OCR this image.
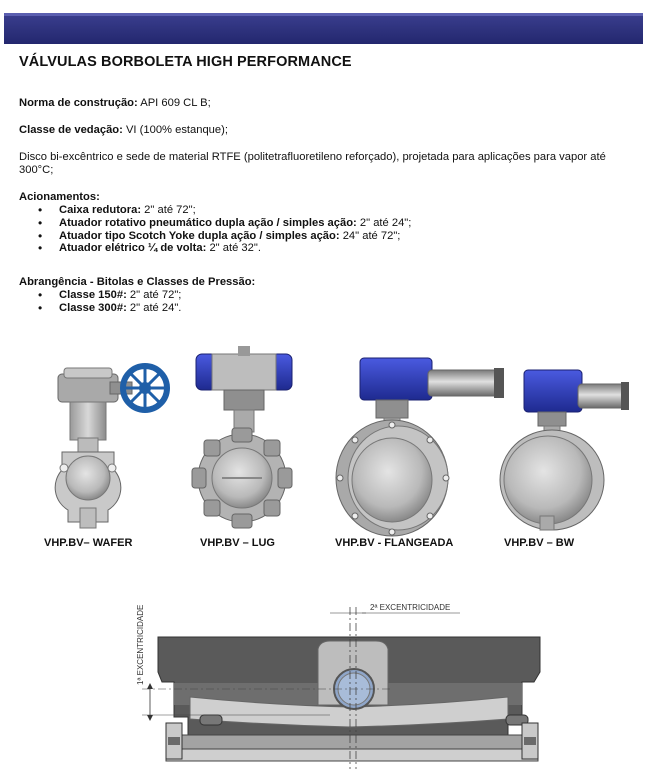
VÁLVULAS BORBOLETA HIGH PERFORMANCE

Norma de construção: API 609 CL B;

Classe de vedação: VI (100% estanque);

Disco bi-excêntrico e sede de material RTFE (politetrafluoretileno reforçado), projetada para aplicações para vapor até 300°C;

Acionamentos:

• Caixa redutora: 2" até 72";
• Atuador rotativo pneumático dupla ação / simples ação: 2" até 24";
• Atuador tipo Scotch Yoke dupla ação / simples ação: 24" até 72";
• Atuador elétrico ¼ de volta: 2" até 32".

Abrangência - Bitolas e Classes de Pressão:

• Classe 150#: 2" até 72";
• Classe 300#: 2" até 24".
VHP.BV– WAFER	VHP.BV – LUG	VHP.BV - FLANGEADA	VHP.BV – BW
1ª EXCENTRICIDADE	2ª EXCENTRICIDADE
